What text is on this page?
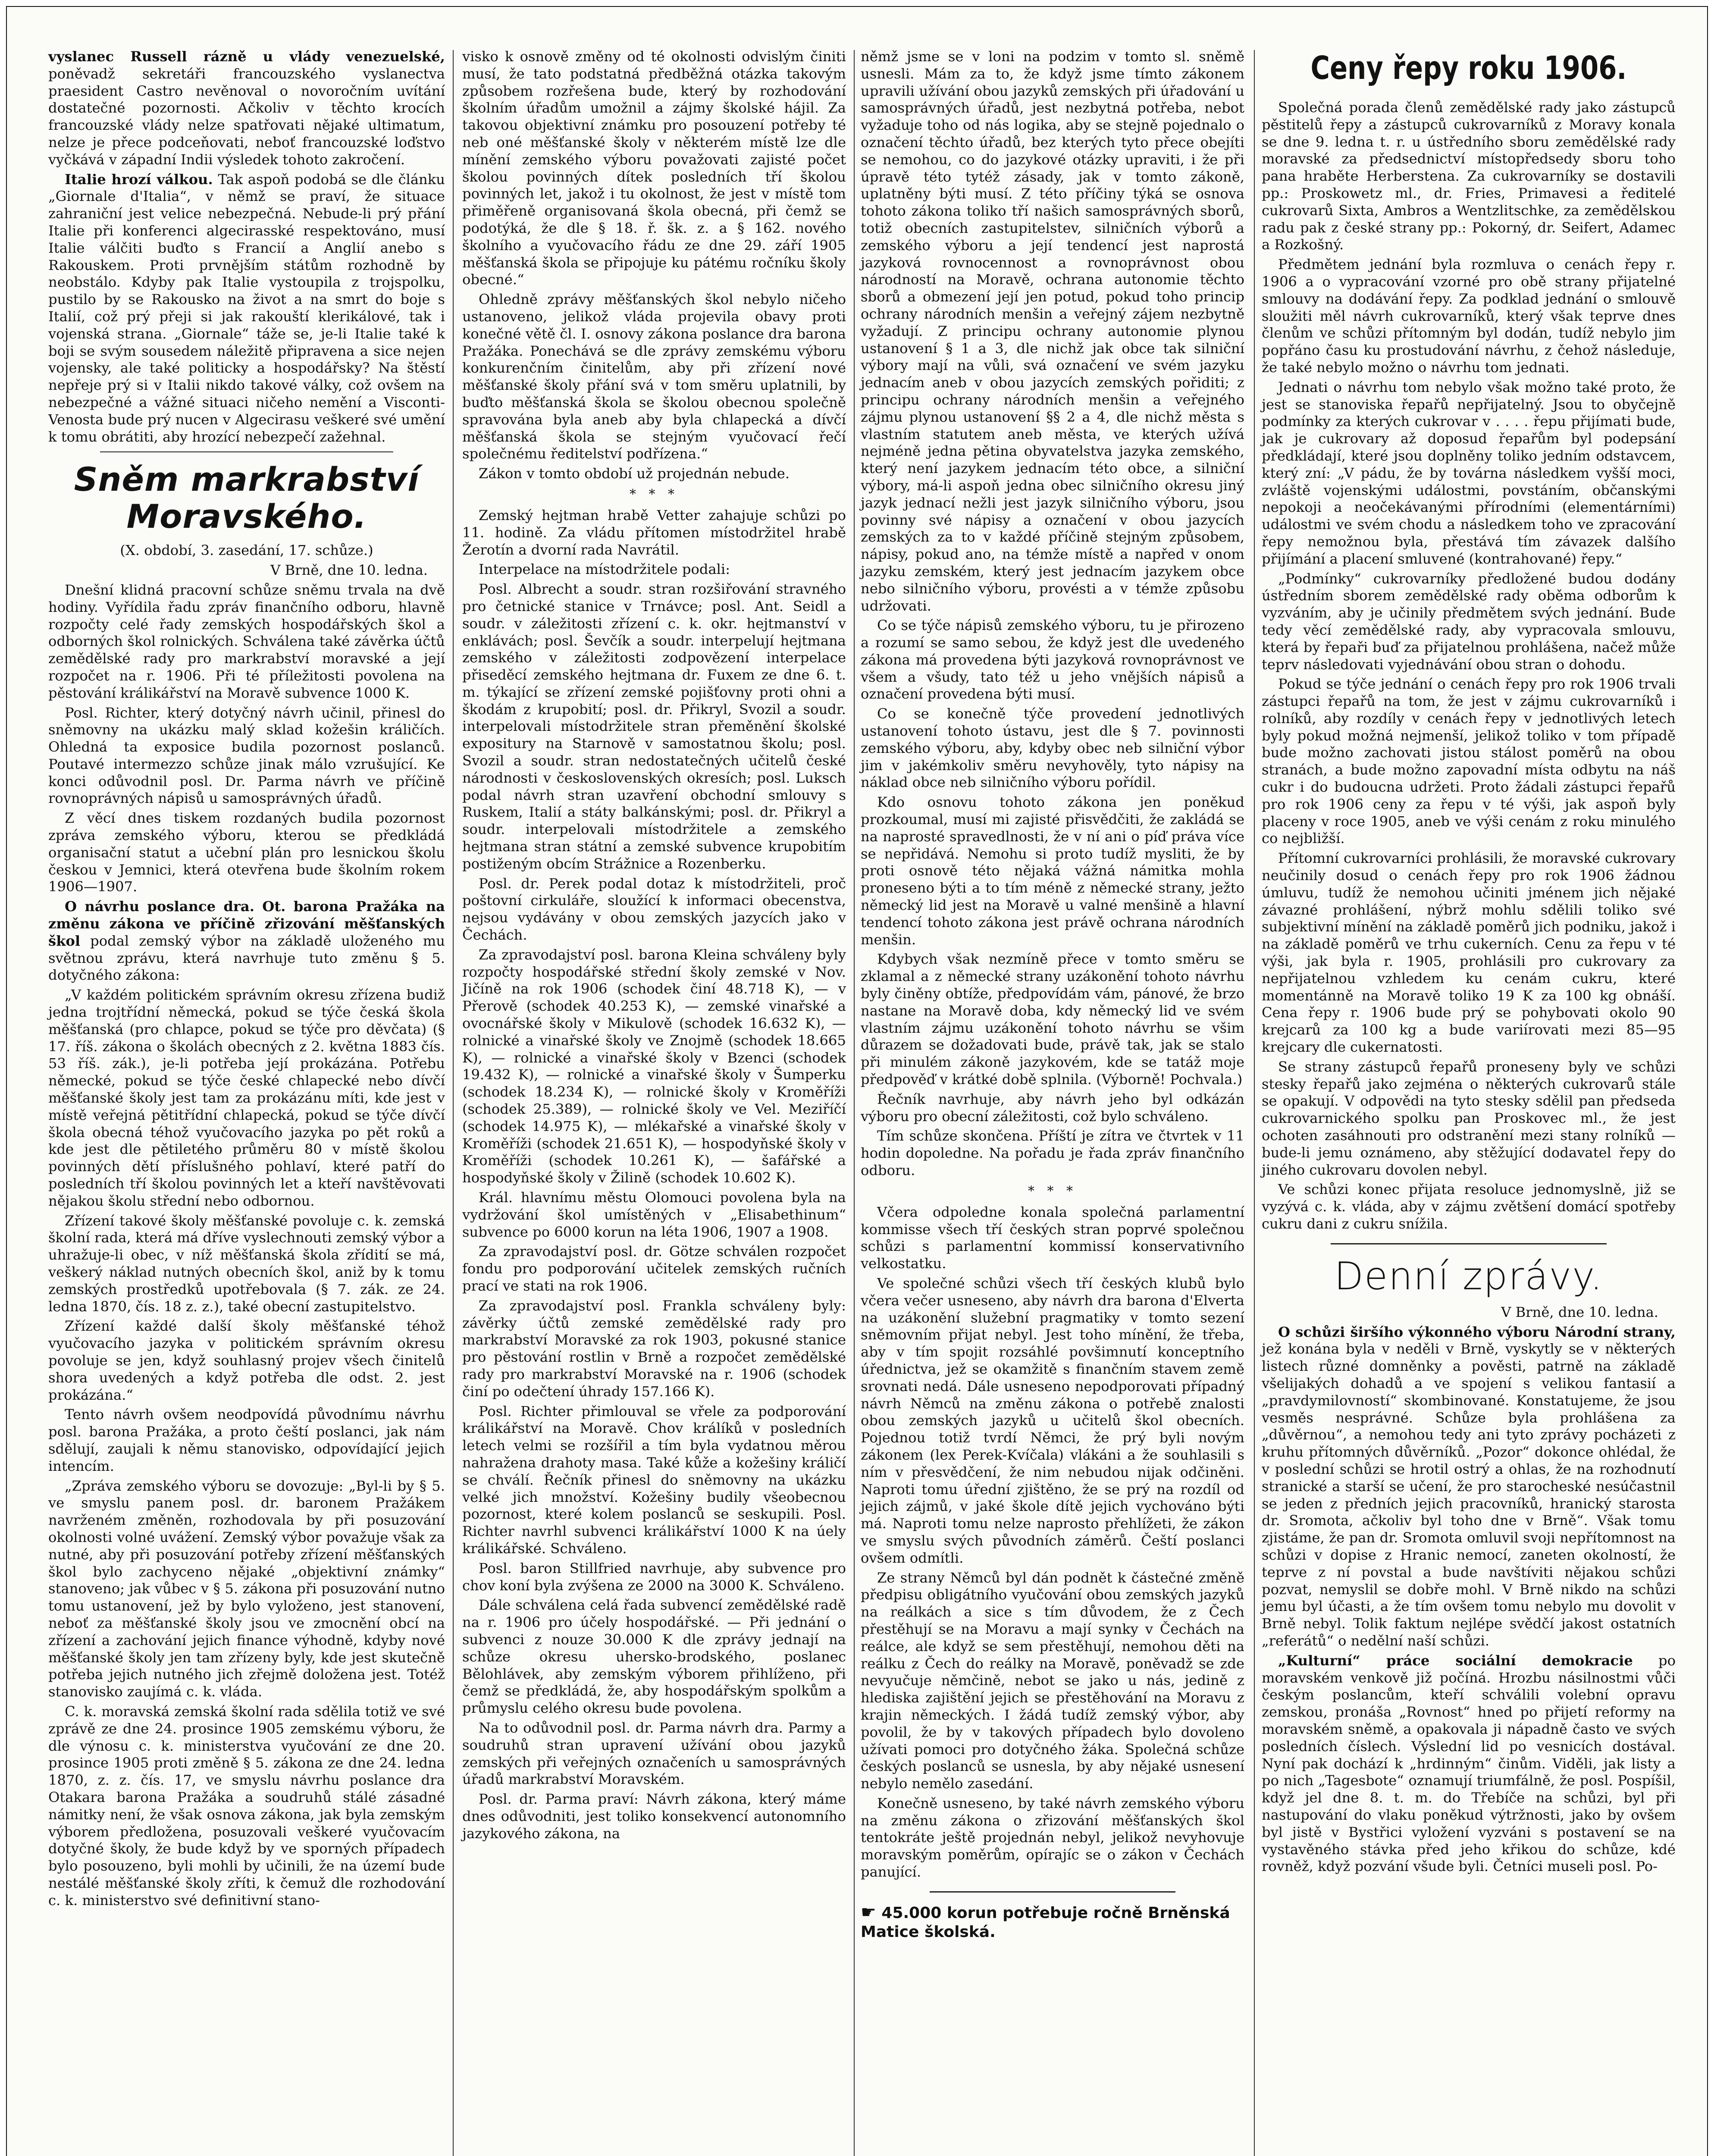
vyslanec Russell rázně u vlády venezuelské, poněvadž sekretáři francouzského vyslanectva praesident Castro nevěnoval o novoročním uvítání dostatečné pozornosti. Ačkoliv v těchto krocích francouzské vlády nelze spatřovati nějaké ultimatum, nelze je přece podceňovati, neboť francouzské loďstvo vyčkává v západní Indii výsledek tohoto zakročení.

Italie hrozí válkou. Tak aspoň podobá se dle článku „Giornale d'Italia“, v němž se praví, že situace zahraniční jest velice nebezpečná. Nebude-li prý přání Italie při konferenci algecirasské respektováno, musí Italie válčiti buďto s Francií a Anglií anebo s Rakouskem. Proti prvnějším státům rozhodně by neobstálo. Kdyby pak Italie vystoupila z trojspolku, pustilo by se Rakousko na život a na smrt do boje s Italií, což prý přeji si jak rakouští klerikálové, tak i vojenská strana. „Giornale“ táže se, je-li Italie také k boji se svým sousedem náležitě připravena a sice nejen vojensky, ale také politicky a hospodářsky? Na štěstí nepřeje prý si v Italii nikdo takové války, což ovšem na nebezpečné a vážné situaci ničeho nemění a Visconti-Venosta bude prý nucen v Algecirasu veškeré své umění k tomu obrátiti, aby hrozící nebezpečí zažehnal.

Sněm markrabství Moravského.

(X. období, 3. zasedání, 17. schůze.)

V Brně, dne 10. ledna.

Dnešní klidná pracovní schůze sněmu trvala na dvě hodiny. Vyřídila řadu zpráv finančního odboru, hlavně rozpočty celé řady zemských hospodářských škol a odborných škol rolnických. Schválena také závěrka účtů zemědělské rady pro markrabství moravské a její rozpočet na r. 1906. Při té příležitosti povolena na pěstování králikářství na Moravě subvence 1000 K.

Posl. Richter, který dotyčný návrh učinil, přinesl do sněmovny na ukázku malý sklad kožešin králičích. Ohledná ta exposice budila pozornost poslanců. Poutavé intermezzo schůze jinak málo vzrušující. Ke konci odůvodnil posl. Dr. Parma návrh ve příčině rovnoprávných nápisů u samosprávných úřadů.

Z věcí dnes tiskem rozdaných budila pozornost zpráva zemského výboru, kterou se předkládá organisační statut a učební plán pro lesnickou školu českou v Jemnici, která otevřena bude školním rokem 1906—1907.

O návrhu poslance dra. Ot. barona Pražáka na změnu zákona ve příčině zřizování měšťanských škol podal zemský výbor na základě uloženého mu světnou zprávu, která navrhuje tuto změnu § 5. dotyčného zákona:

„V každém politickém správním okresu zřízena budiž jedna trojtřídní německá, pokud se týče česká škola měšťanská (pro chlapce, pokud se týče pro děvčata) (§ 17. říš. zákona o školách obecných z 2. května 1883 čís. 53 říš. zák.), je-li potřeba její prokázána. Potřebu německé, pokud se týče české chlapecké nebo dívčí měšťanské školy jest tam za prokázánu míti, kde jest v místě veřejná pětitřídní chlapecká, pokud se týče dívčí škola obecná téhož vyučovacího jazyka po pět roků a kde jest dle pětiletého průměru 80 v místě školou povinných dětí příslušného pohlaví, které patří do posledních tří školou povinných let a kteří navštěvovati nějakou školu střední nebo odbornou.

Zřízení takové školy měšťanské povoluje c. k. zemská školní rada, která má dříve vyslechnouti zemský výbor a uhražuje-li obec, v níž měšťanská škola zřídití se má, veškerý náklad nutných obecních škol, aniž by k tomu zemských prostředků upotřebovala (§ 7. zák. ze 24. ledna 1870, čís. 18 z. z.), také obecní zastupitelstvo.

Zřízení každé další školy měšťanské téhož vyučovacího jazyka v politickém správním okresu povoluje se jen, když souhlasný projev všech činitelů shora uvedených a když potřeba dle odst. 2. jest prokázána.“

Tento návrh ovšem neodpovídá původnímu návrhu posl. barona Pražáka, a proto čeští poslanci, jak nám sdělují, zaujali k němu stanovisko, odpovídající jejich intencím.

„Zpráva zemského výboru se dovozuje: „Byl-li by § 5. ve smyslu panem posl. dr. baronem Pražákem navrženém změněn, rozhodovala by při posuzování okolnosti volné uvážení. Zemský výbor považuje však za nutné, aby při posuzování potřeby zřízení měšťanských škol bylo zachyceno nějaké „objektivní známky“ stanoveno; jak vůbec v § 5. zákona při posuzování nutno tomu ustanovení, jež by bylo vyloženo, jest stanovení, neboť za měšťanské školy jsou ve zmocnění obcí na zřízení a zachování jejich finance výhodně, kdyby nové měšťanské školy jen tam zřízeny byly, kde jest skutečně potřeba jejich nutného jich zřejmě doložena jest. Totéž stanovisko zaujímá c. k. vláda.

C. k. moravská zemská školní rada sdělila totiž ve své zprávě ze dne 24. prosince 1905 zemskému výboru, že dle výnosu c. k. ministerstva vyučování ze dne 20. prosince 1905 proti změně § 5. zákona ze dne 24. ledna 1870, z. z. čís. 17, ve smyslu návrhu poslance dra Otakara barona Pražáka a soudruhů stálé zásadné námitky není, že však osnova zákona, jak byla zemským výborem předložena, posuzovali veškeré vyučovacím dotyčné školy, že bude když by ve sporných případech bylo posouzeno, byli mohli by učinili, že na území bude nestálé měšťanské školy zříti, k čemuž dle rozhodování c. k. ministerstvo své definitivní stano-

visko k osnově změny od té okolnosti odvislým činiti musí, že tato podstatná předběžná otázka takovým způsobem rozřešena bude, který by rozhodování školním úřadům umožnil a zájmy školské hájil. Za takovou objektivní známku pro posouzení potřeby té neb oné měšťanské školy v některém místě lze dle mínění zemského výboru považovati zajisté počet školou povinných dítek posledních tří školou povinných let, jakož i tu okolnost, že jest v místě tom přiměřeně organisovaná škola obecná, při čemž se podotýká, že dle § 18. ř. šk. z. a § 162. nového školního a vyučovacího řádu ze dne 29. září 1905 měšťanská škola se připojuje ku pátému ročníku školy obecné.“

Ohledně zprávy měšťanských škol nebylo ničeho ustanoveno, jelikož vláda projevila obavy proti konečné větě čl. I. osnovy zákona poslance dra barona Pražáka. Ponechává se dle zprávy zemskému výboru konkurenčním činitelům, aby při zřízení nové měšťanské školy přání svá v tom směru uplatnili, by buďto měšťanská škola se školou obecnou společně spravována byla aneb aby byla chlapecká a dívčí měšťanská škola se stejným vyučovací řečí společnému ředitelství podřízena.“

Zákon v tomto období už projednán nebude.

* * *

Zemský hejtman hrabě Vetter zahajuje schůzi po 11. hodině. Za vládu přítomen místodržitel hrabě Žerotín a dvorní rada Navrátil.

Interpelace na místodržitele podali:

Posl. Albrecht a soudr. stran rozšiřování stravného pro četnické stanice v Trnávce; posl. Ant. Seidl a soudr. v záležitosti zřízení c. k. okr. hejtmanství v enklávách; posl. Ševčík a soudr. interpelují hejtmana zemského v záležitosti zodpovězení interpelace přiseděcí zemského hejtmana dr. Fuxem ze dne 6. t. m. týkající se zřízení zemské pojišťovny proti ohni a škodám z krupobití; posl. dr. Přikryl, Svozil a soudr. interpelovali místodržitele stran přeměnění školské expositury na Starnově v samostatnou školu; posl. Svozil a soudr. stran nedostatečných učitelů české národnosti v československých okresích; posl. Luksch podal návrh stran uzavření obchodní smlouvy s Ruskem, Italií a státy balkánskými; posl. dr. Přikryl a soudr. interpelovali místodržitele a zemského hejtmana stran státní a zemské subvence krupobitím postiženým obcím Strážnice a Rozenberku.

Posl. dr. Perek podal dotaz k místodržiteli, proč poštovní cirkuláře, sloužící k informaci obecenstva, nejsou vydávány v obou zemských jazycích jako v Čechách.

Za zpravodajství posl. barona Kleina schváleny byly rozpočty hospodářské střední školy zemské v Nov. Jičíně na rok 1906 (schodek činí 48.718 K), — v Přerově (schodek 40.253 K), — zemské vinařské a ovocnářské školy v Mikulově (schodek 16.632 K), — rolnické a vinařské školy ve Znojmě (schodek 18.665 K), — rolnické a vinařské školy v Bzenci (schodek 19.432 K), — rolnické a vinařské školy v Šumperku (schodek 18.234 K), — rolnické školy v Kroměříži (schodek 25.389), — rolnické školy ve Vel. Meziříčí (schodek 14.975 K), — mlékařské a vinařské školy v Kroměříži (schodek 21.651 K), — hospodyňské školy v Kroměříži (schodek 10.261 K), — šafářské a hospodyňské školy v Žilině (schodek 10.602 K).

Král. hlavnímu městu Olomouci povolena byla na vydržování škol umístěných v „Elisabethinum“ subvence po 6000 korun na léta 1906, 1907 a 1908.

Za zpravodajství posl. dr. Götze schválen rozpočet fondu pro podporování učitelek zemských ručních prací ve stati na rok 1906.

Za zpravodajství posl. Frankla schváleny byly: závěrky účtů zemské zemědělské rady pro markrabství Moravské za rok 1903, pokusné stanice pro pěstování rostlin v Brně a rozpočet zemědělské rady pro markrabství Moravské na r. 1906 (schodek činí po odečtení úhrady 157.166 K).

Posl. Richter přimlouval se vřele za podporování králikářství na Moravě. Chov králíků v posledních letech velmi se rozšířil a tím byla vydatnou měrou nahražena drahoty masa. Také kůže a kožešiny králičí se chválí. Řečník přinesl do sněmovny na ukázku velké jich množství. Kožešiny budily všeobecnou pozornost, které kolem poslanců se seskupili. Posl. Richter navrhl subvenci králikářství 1000 K na úely králikářské. Schváleno.

Posl. baron Stillfried navrhuje, aby subvence pro chov koní byla zvýšena ze 2000 na 3000 K. Schváleno.

Dále schválena celá řada subvencí zemědělské radě na r. 1906 pro účely hospodářské. — Při jednání o subvenci z nouze 30.000 K dle zprávy jednají na schůze okresu uhersko-brodského, poslanec Bělohlávek, aby zemským výborem přihlíženo, při čemž se předkládá, že, aby hospodářským spolkům a průmyslu celého okresu bude povolena.

Na to odůvodnil posl. dr. Parma návrh dra. Parmy a soudruhů stran upravení užívání obou jazyků zemských při veřejných označeních u samosprávných úřadů markrabství Moravském.

Posl. dr. Parma praví: Návrh zákona, který máme dnes odůvodniti, jest toliko konsekvencí autonomního jazykového zákona, na

němž jsme se v loni na podzim v tomto sl. sněmě usnesli. Mám za to, že když jsme tímto zákonem upravili užívání obou jazyků zemských při úřadování u samosprávných úřadů, jest nezbytná potřeba, nebot vyžaduje toho od nás logika, aby se stejně pojednalo o označení těchto úřadů, bez kterých tyto přece obejíti se nemohou, co do jazykové otázky upraviti, i že při úpravě této tytéž zásady, jak v tomto zákoně, uplatněny býti musí. Z této příčiny týká se osnova tohoto zákona toliko tří našich samosprávných sborů, totiž obecních zastupitelstev, silničních výborů a zemského výboru a její tendencí jest naprostá jazyková rovnocennost a rovnoprávnost obou národností na Moravě, ochrana autonomie těchto sborů a obmezení její jen potud, pokud toho princip ochrany národních menšin a veřejný zájem nezbytně vyžadují. Z principu ochrany autonomie plynou ustanovení § 1 a 3, dle nichž jak obce tak silniční výbory mají na vůli, svá označení ve svém jazyku jednacím aneb v obou jazycích zemských pořiditi; z principu ochrany národních menšin a veřejného zájmu plynou ustanovení §§ 2 a 4, dle nichž města s vlastním statutem aneb města, ve kterých užívá nejméně jedna pětina obyvatelstva jazyka zemského, který není jazykem jednacím této obce, a silniční výbory, má-li aspoň jedna obec silničního okresu jiný jazyk jednací nežli jest jazyk silničního výboru, jsou povinny své nápisy a označení v obou jazycích zemských za to v každé příčině stejným způsobem, nápisy, pokud ano, na témže místě a napřed v onom jazyku zemském, který jest jednacím jazykem obce nebo silničního výboru, provésti a v témže způsobu udržovati.

Co se týče nápisů zemského výboru, tu je přirozeno a rozumí se samo sebou, že když jest dle uvedeného zákona má provedena býti jazyková rovnoprávnost ve všem a všudy, tato též u jeho vnějších nápisů a označení provedena býti musí.

Co se konečně týče provedení jednotlivých ustanovení tohoto ústavu, jest dle § 7. povinnosti zemského výboru, aby, kdyby obec neb silniční výbor jim v jakémkoliv směru nevyhověly, tyto nápisy na náklad obce neb silničního výboru pořídil.

Kdo osnovu tohoto zákona jen poněkud prozkoumal, musí mi zajisté přisvědčiti, že zakládá se na naprosté spravedlnosti, že v ní ani o píď práva více se nepřidává. Nemohu si proto tudíž mysliti, že by proti osnově této nějaká vážná námitka mohla proneseno býti a to tím méně z německé strany, ježto německý lid jest na Moravě u valné menšině a hlavní tendencí tohoto zákona jest právě ochrana národních menšin.

Kdybych však nezmíně přece v tomto směru se zklamal a z německé strany uzákonění tohoto návrhu byly činěny obtíže, předpovídám vám, pánové, že brzo nastane na Moravě doba, kdy německý lid ve svém vlastním zájmu uzákonění tohoto návrhu se všim důrazem se dožadovati bude, právě tak, jak se stalo při minulém zákoně jazykovém, kde se tatáž moje předpověď v krátké době splnila. (Výborně! Pochvala.)

Řečník navrhuje, aby návrh jeho byl odkázán výboru pro obecní záležitosti, což bylo schváleno.

Tím schůze skončena. Příští je zítra ve čtvrtek v 11 hodin dopoledne. Na pořadu je řada zpráv finančního odboru.

* * *

Včera odpoledne konala společná parlamentní kommisse všech tří českých stran poprvé společnou schůzi s parlamentní kommissí konservativního velkostatku.

Ve společné schůzi všech tří českých klubů bylo včera večer usneseno, aby návrh dra barona d'Elverta na uzákonění služební pragmatiky v tomto sezení sněmovním přijat nebyl. Jest toho mínění, že třeba, aby v tím spojit rozsáhlé povšimnutí konceptního úřednictva, jež se okamžitě s finančním stavem země srovnati nedá. Dále usneseno nepodporovati případný návrh Němců na změnu zákona o potřebě znalosti obou zemských jazyků u učitelů škol obecních. Pojednou totiž tvrdí Němci, že prý byli novým zákonem (lex Perek-Kvíčala) vlákáni a že souhlasili s ním v přesvědčení, že nim nebudou nijak odčiněni. Naproti tomu úřední zjištěno, že se prý na rozdíl od jejich zájmů, v jaké škole dítě jejich vychováno býti má. Naproti tomu nelze naprosto přehlížeti, že zákon ve smyslu svých původních záměrů. Čeští poslanci ovšem odmítli.

Ze strany Němců byl dán podnět k částečné změně předpisu obligátního vyučování obou zemských jazyků na reálkách a sice s tím důvodem, že z Čech přestěhují se na Moravu a mají synky v Čechách na reálce, ale když se sem přestěhují, nemohou děti na reálku z Čech do reálky na Moravě, poněvadž se zde nevyučuje němčině, nebot se jako u nás, jedině z hlediska zajištění jejich se přestěhování na Moravu z krajin německých. I žádá tudíž zemský výbor, aby povolil, že by v takových případech bylo dovoleno užívati pomoci pro dotyčného žáka. Společná schůze českých poslanců se usnesla, by aby nějaké usnesení nebylo nemělo zasedání.

Konečně usneseno, by také návrh zemského výboru na změnu zákona o zřizování měšťanských škol tentokráte ještě projednán nebyl, jelikož nevyhovuje moravským poměrům, opírajíc se o zákon v Čechách panující.

☛ 45.000 korun potřebuje ročně Brněnská Matice školská.

Ceny řepy roku 1906.

Společná porada členů zemědělské rady jako zástupců pěstitelů řepy a zástupců cukrovarníků z Moravy konala se dne 9. ledna t. r. u ústředního sboru zemědělské rady moravské za předsednictví místopředsedy sboru toho pana hraběte Herberstena. Za cukrovarníky se dostavili pp.: Proskowetz ml., dr. Fries, Primavesi a ředitelé cukrovarů Sixta, Ambros a Wentzlitschke, za zemědělskou radu pak z české strany pp.: Pokorný, dr. Seifert, Adamec a Rozkošný.

Předmětem jednání byla rozmluva o cenách řepy r. 1906 a o vypracování vzorné pro obě strany přijatelné smlouvy na dodávání řepy. Za podklad jednání o smlouvě sloužiti měl návrh cukrovarníků, který však teprve dnes členům ve schůzi přítomným byl dodán, tudíž nebylo jim popřáno času ku prostudování návrhu, z čehož následuje, že také nebylo možno o návrhu tom jednati.

Jednati o návrhu tom nebylo však možno také proto, že jest se stanoviska řepařů nepřijatelný. Jsou to obyčejně podmínky za kterých cukrovar v . . . . řepu přijímati bude, jak je cukrovary až doposud řepařům byl podepsání předkládají, které jsou doplněny toliko jedním odstavcem, který zní: „V pádu, že by továrna následkem vyšší moci, zvláště vojenskými událostmi, povstáním, občanskými nepokoji a neočekávanými přírodními (elementárními) událostmi ve svém chodu a následkem toho ve zpracování řepy nemožnou byla, přestává tím závazek dalšího přijímání a placení smluvené (kontrahované) řepy.“

„Podmínky“ cukrovarníky předložené budou dodány ústředním sborem zemědělské rady oběma odborům k vyzváním, aby je učinily předmětem svých jednání. Bude tedy věcí zemědělské rady, aby vypracovala smlouvu, která by řepaři buď za přijatelnou prohlášena, načež může teprv následovati vyjednávání obou stran o dohodu.

Pokud se týče jednání o cenách řepy pro rok 1906 trvali zástupci řepařů na tom, že jest v zájmu cukrovarníků i rolníků, aby rozdíly v cenách řepy v jednotlivých letech byly pokud možná nejmenší, jelikož toliko v tom případě bude možno zachovati jistou stálost poměrů na obou stranách, a bude možno zapovadní místa odbytu na náš cukr i do budoucna udržeti. Proto žádali zástupci řepařů pro rok 1906 ceny za řepu v té výši, jak aspoň byly placeny v roce 1905, aneb ve výši cenám z roku minulého co nejbližší.

Přítomní cukrovarníci prohlásili, že moravské cukrovary neučinily dosud o cenách řepy pro rok 1906 žádnou úmluvu, tudíž že nemohou učiniti jménem jich nějaké závazné prohlášení, nýbrž mohlu sdělili toliko své subjektivní mínění na základě poměrů jich podniku, jakož i na základě poměrů ve trhu cukerních. Cenu za řepu v té výši, jak byla r. 1905, prohlásili pro cukrovary za nepřijatelnou vzhledem ku cenám cukru, které momentánně na Moravě toliko 19 K za 100 kg obnáší. Cena řepy r. 1906 bude prý se pohybovati okolo 90 krejcarů za 100 kg a bude variírovati mezi 85—95 krejcary dle cukernatosti.

Se strany zástupců řepařů proneseny byly ve schůzi stesky řepařů jako zejména o některých cukrovarů stále se opakují. V odpovědi na tyto stesky sdělil pan předseda cukrovarnického spolku pan Proskovec ml., že jest ochoten zasáhnouti pro odstranění mezi stany rolníků — bude-li jemu oznámeno, aby stěžující dodavatel řepy do jiného cukrovaru dovolen nebyl.

Ve schůzi konec přijata resoluce jednomyslně, již se vyzývá c. k. vláda, aby v zájmu zvětšení domácí spotřeby cukru dani z cukru snížila.

Denní zprávy.

V Brně, dne 10. ledna.

O schůzi širšího výkonného výboru Národní strany, jež konána byla v neděli v Brně, vyskytly se v některých listech různé domněnky a pověsti, patrně na základě všelijakých dohadů a ve spojení s velikou fantasií a „pravdymilovností“ skombinované. Konstatujeme, že jsou vesměs nesprávné. Schůze byla prohlášena za „důvěrnou“, a nemohou tedy ani tyto zprávy pocházeti z kruhu přítomných důvěrníků. „Pozor“ dokonce ohlédal, že v poslední schůzi se hrotil ostrý a ohlas, že na rozhodnutí stranické a starší se učení, že pro starocheské nesúčastnil se jeden z předních jejich pracovníků, hranický starosta dr. Sromota, ačkoliv byl toho dne v Brně“. Však tomu zjistáme, že pan dr. Sromota omluvil svoji nepřítomnost na schůzi v dopise z Hranic nemocí, zaneten okolností, že teprve z ní povstal a bude navštíviti nějakou schůzi pozvat, nemyslil se dobře mohl. V Brně nikdo na schůzi jemu byl účasti, a že tím ovšem tomu nebylo mu dovolit v Brně nebyl. Tolik faktum nejlépe svědčí jakost ostatních „referátů“ o nedělní naší schůzi.

„Kulturní“ práce sociální demokracie po moravském venkově již počíná. Hrozbu násilnostmi vůči českým poslancům, kteří schválili volební opravu zemskou, pronáša „Rovnost“ hned po přijetí reformy na moravském sněmě, a opakovala ji nápadně často ve svých posledních číslech. Výslední lid po vesnicích dostával. Nyní pak dochází k „hrdinným“ činům. Viděli, jak listy a po nich „Tagesbote“ oznamují triumfálně, že posl. Pospíšil, když jel dne 8. t. m. do Třebíče na schůzi, byl při nastupování do vlaku poněkud výtržnosti, jako by ovšem byl jistě v Bystřici vyložení vyzváni s postavení se na vystavěného stávka před jeho křikou do schůze, kdé rovněž, když pozvání všude byli. Četníci museli posl. Po-
